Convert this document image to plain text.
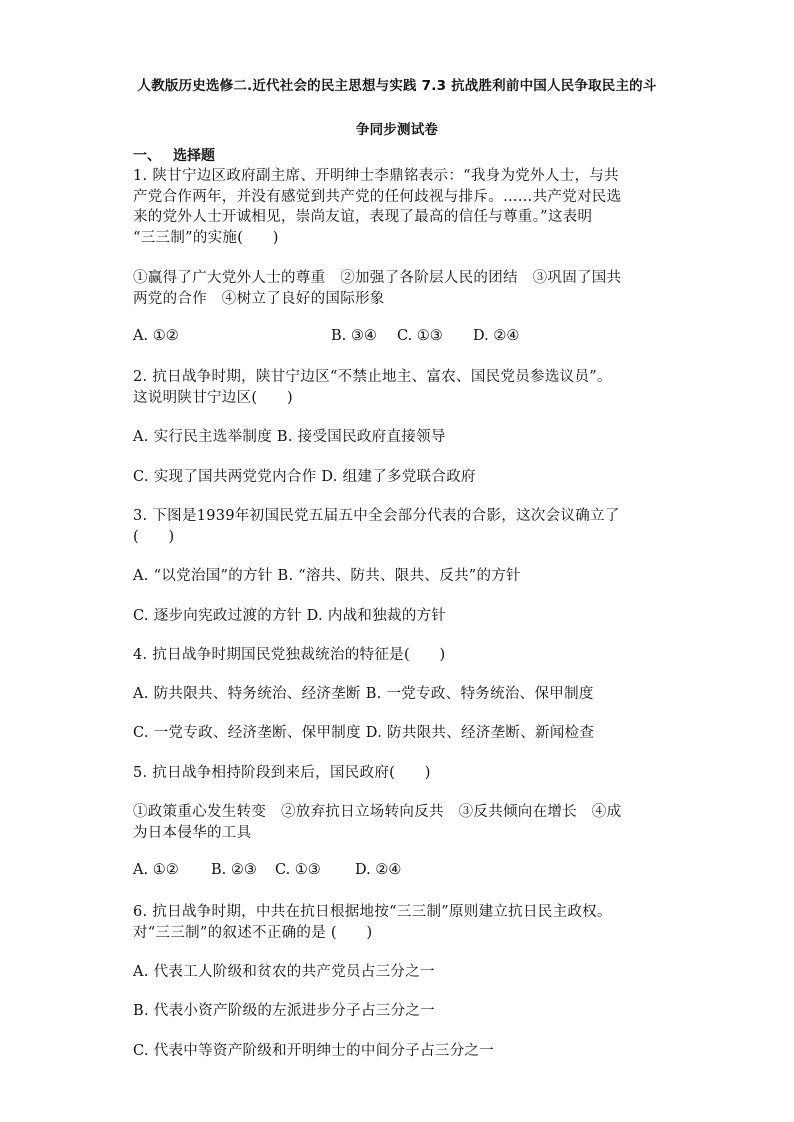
人教版历史选修二.近代社会的民主思想与实践 7.3 抗战胜利前中国人民争取民主的斗
争同步测试卷
一、 选择题
1. 陕甘宁边区政府副主席、开明绅士李鼎铭表示：“我身为党外人士，与共
产党合作两年，并没有感觉到共产党的任何歧视与排斥。……共产党对民选
来的党外人士开诚相见，崇尚友谊，表现了最高的信任与尊重。”这表明
“三三制”的实施(　　)
①赢得了广大党外人士的尊重　②加强了各阶层人民的团结　③巩固了国共
两党的合作　④树立了良好的国际形象
A. ①②	B. ③④ C. ①③ D. ②④
2. 抗日战争时期，陕甘宁边区“不禁止地主、富农、国民党员参选议员”。
这说明陕甘宁边区(　　)
A. 实行民主选举制度 B. 接受国民政府直接领导
C. 实现了国共两党党内合作 D. 组建了多党联合政府
3. 下图是1939年初国民党五届五中全会部分代表的合影，这次会议确立了
(　　)
A. “以党治国”的方针 B. “溶共、防共、限共、反共”的方针
C. 逐步向宪政过渡的方针 D. 内战和独裁的方针
4. 抗日战争时期国民党独裁统治的特征是(　　)
A. 防共限共、特务统治、经济垄断 B. 一党专政、特务统治、保甲制度
C. 一党专政、经济垄断、保甲制度 D. 防共限共、经济垄断、新闻检查
5. 抗日战争相持阶段到来后，国民政府(　　)
①政策重心发生转变　②放弃抗日立场转向反共　③反共倾向在增长　④成
为日本侵华的工具
A. ①② B. ②③ C. ①③ D. ②④
6. 抗日战争时期，中共在抗日根据地按“三三制”原则建立抗日民主政权。
对“三三制”的叙述不正确的是 (　　)
A. 代表工人阶级和贫农的共产党员占三分之一
B. 代表小资产阶级的左派进步分子占三分之一
C. 代表中等资产阶级和开明绅士的中间分子占三分之一
